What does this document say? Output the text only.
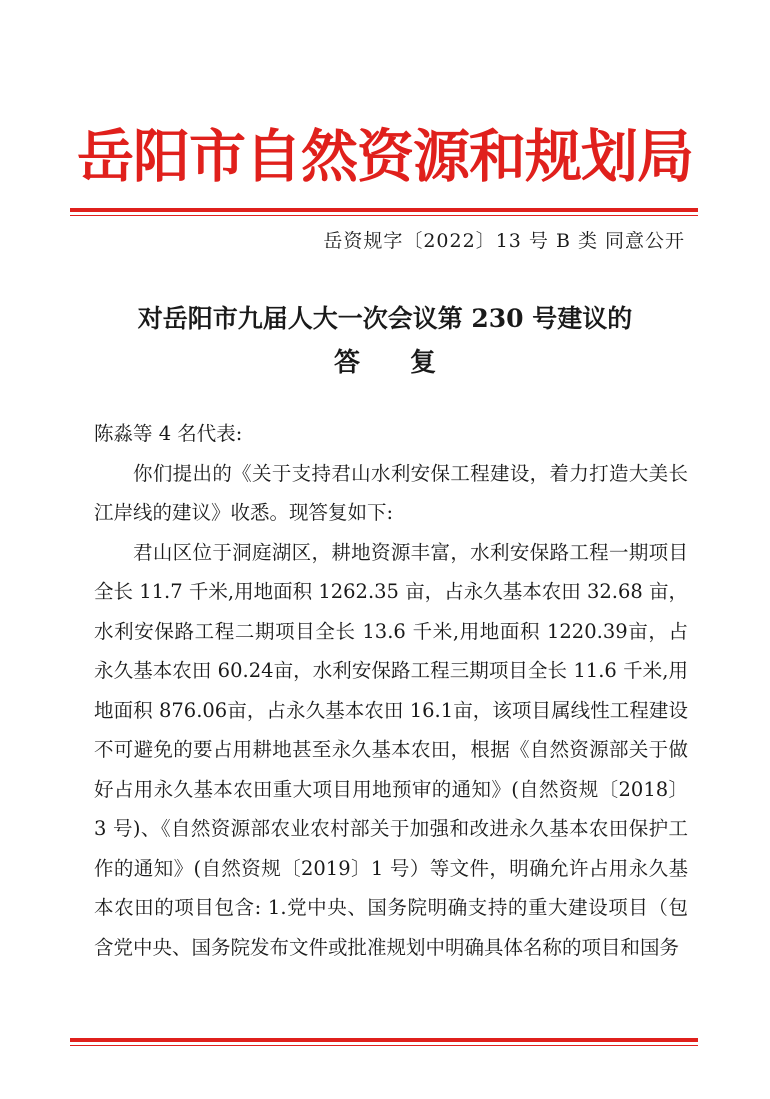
岳阳市自然资源和规划局
岳资规字〔2022〕13 号 B 类 同意公开
对岳阳市九届人大一次会议第 230 号建议的
答复

陈淼等 4 名代表:

你们提出的《关于支持君山水利安保工程建设，着力打造大美长江岸线的建议》收悉。现答复如下:

君山区位于洞庭湖区，耕地资源丰富，水利安保路工程一期项目全长 11.7 千米,用地面积 1262.35 亩，占永久基本农田 32.68 亩，水利安保路工程二期项目全长 13.6 千米,用地面积 1220.39亩，占永久基本农田 60.24亩，水利安保路工程三期项目全长 11.6 千米,用地面积 876.06亩，占永久基本农田 16.1亩，该项目属线性工程建设不可避免的要占用耕地甚至永久基本农田，根据《自然资源部关于做好占用永久基本农田重大项目用地预审的通知》(自然资规〔2018〕3 号)、《自然资源部农业农村部关于加强和改进永久基本农田保护工作的通知》(自然资规〔2019〕1 号）等文件，明确允许占用永久基本农田的项目包含: 1.党中央、国务院明确支持的重大建设项目（包含党中央、国务院发布文件或批准规划中明确具体名称的项目和国务
